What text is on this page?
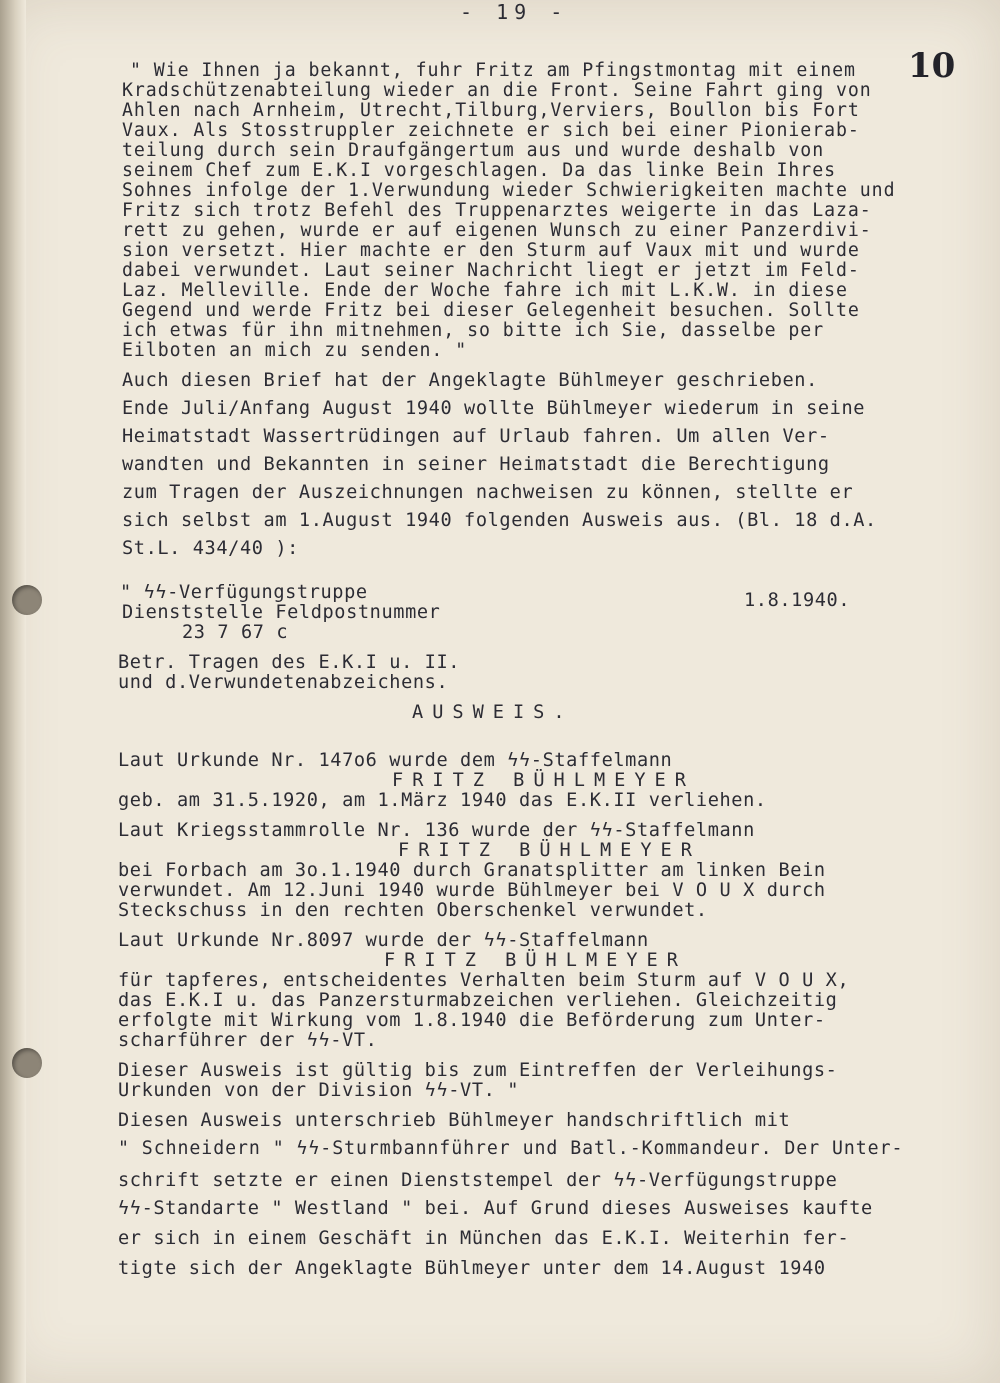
- 19 -
10
" Wie Ihnen ja bekannt, fuhr Fritz am Pfingstmontag mit einem
Kradschützenabteilung wieder an die Front. Seine Fahrt ging von
Ahlen nach Arnheim, Utrecht,Tilburg,Verviers, Boullon bis Fort
Vaux. Als Stosstruppler zeichnete er sich bei einer Pionierab-
teilung durch sein Draufgängertum aus und wurde deshalb von
seinem Chef zum E.K.I vorgeschlagen. Da das linke Bein Ihres
Sohnes infolge der 1.Verwundung wieder Schwierigkeiten machte und
Fritz sich trotz Befehl des Truppenarztes weigerte in das Laza-
rett zu gehen, wurde er auf eigenen Wunsch zu einer Panzerdivi-
sion versetzt. Hier machte er den Sturm auf Vaux mit und wurde
dabei verwundet. Laut seiner Nachricht liegt er jetzt im Feld-
Laz. Melleville. Ende der Woche fahre ich mit L.K.W. in diese
Gegend und werde Fritz bei dieser Gelegenheit besuchen. Sollte
ich etwas für ihn mitnehmen, so bitte ich Sie, dasselbe per
Eilboten an mich zu senden. "
Auch diesen Brief hat der Angeklagte Bühlmeyer geschrieben.
Ende Juli/Anfang August 1940 wollte Bühlmeyer wiederum in seine
Heimatstadt Wassertrüdingen auf Urlaub fahren. Um allen Ver-
wandten und Bekannten in seiner Heimatstadt die Berechtigung
zum Tragen der Auszeichnungen nachweisen zu können, stellte er
sich selbst am 1.August 1940 folgenden Ausweis aus. (Bl. 18 d.A.
St.L. 434/40 ):
" ϟϟ-Verfügungstruppe
Dienststelle Feldpostnummer
23 7 67 c
1.8.1940.
Betr. Tragen des E.K.I u. II.
und d.Verwundetenabzeichens.
AUSWEIS.
Laut Urkunde Nr. 147o6 wurde dem ϟϟ-Staffelmann
FRITZ BÜHLMEYER
geb. am 31.5.1920, am 1.März 1940 das E.K.II verliehen.
Laut Kriegsstammrolle Nr. 136 wurde der ϟϟ-Staffelmann
FRITZ BÜHLMEYER
bei Forbach am 3o.1.1940 durch Granatsplitter am linken Bein
verwundet. Am 12.Juni 1940 wurde Bühlmeyer bei V O U X durch
Steckschuss in den rechten Oberschenkel verwundet.
Laut Urkunde Nr.8097 wurde der ϟϟ-Staffelmann
FRITZ BÜHLMEYER
für tapferes, entscheidentes Verhalten beim Sturm auf V O U X,
das E.K.I u. das Panzersturmabzeichen verliehen. Gleichzeitig
erfolgte mit Wirkung vom 1.8.1940 die Beförderung zum Unter-
scharführer der ϟϟ-VT.
Dieser Ausweis ist gültig bis zum Eintreffen der Verleihungs-
Urkunden von der Division ϟϟ-VT. "
Diesen Ausweis unterschrieb Bühlmeyer handschriftlich mit
" Schneidern " ϟϟ-Sturmbannführer und Batl.-Kommandeur. Der Unter-
schrift setzte er einen Dienststempel der ϟϟ-Verfügungstruppe
ϟϟ-Standarte " Westland " bei. Auf Grund dieses Ausweises kaufte
er sich in einem Geschäft in München das E.K.I. Weiterhin fer-
tigte sich der Angeklagte Bühlmeyer unter dem 14.August 1940
